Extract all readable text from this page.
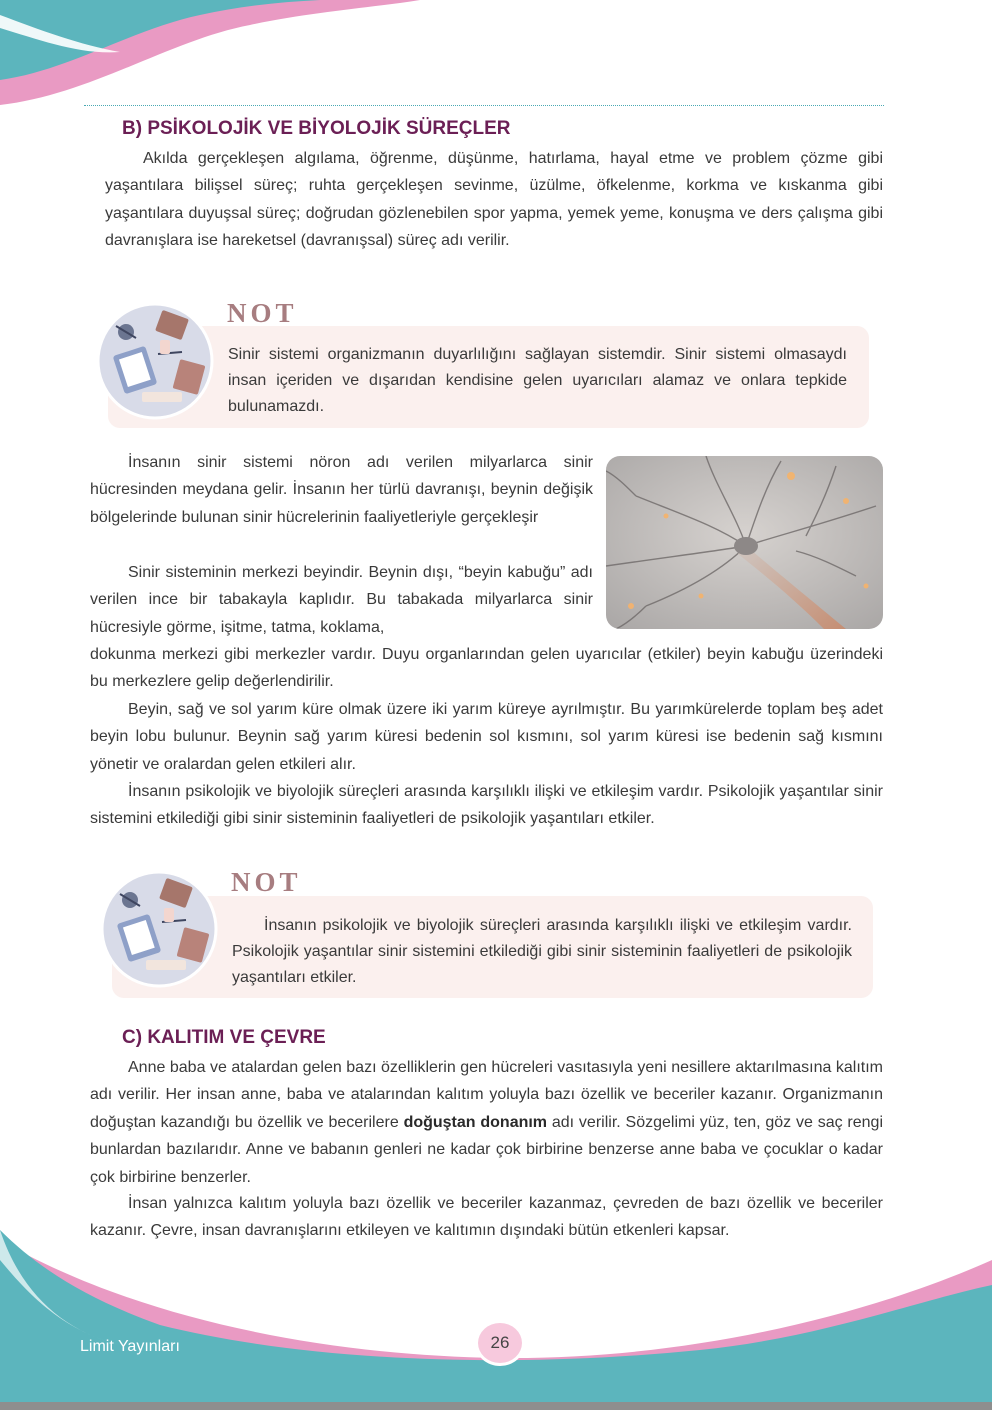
B) PSİKOLOJİK VE BİYOLOJİK SÜREÇLER

Akılda gerçekleşen algılama, öğrenme, düşünme, hatırlama, hayal etme ve problem çözme gibi yaşantılara bilişsel süreç; ruhta gerçekleşen sevinme, üzülme, öfkelenme, korkma ve kıskanma gibi yaşantılara duyuşsal süreç; doğrudan gözlenebilen spor yapma, yemek yeme, konuşma ve ders çalışma gibi davranışlara ise hareketsel (davranışsal) süreç adı verilir.

NOT

Sinir sistemi organizmanın duyarlılığını sağlayan sistemdir. Sinir sistemi olmasaydı insan içeriden ve dışarıdan kendisine gelen uyarıcıları alamaz ve onlara tepkide bulunamazdı.

İnsanın sinir sistemi nöron adı verilen milyarlarca sinir hücresinden meydana gelir. İnsanın her türlü davranışı, beynin değişik bölgelerinde bulunan sinir hücrelerinin faaliyetleriyle gerçekleşir

Sinir sisteminin merkezi beyindir. Beynin dışı, “beyin kabuğu” adı verilen ince bir tabakayla kaplıdır. Bu tabakada milyarlarca sinir hücresiyle görme, işitme, tatma, koklama,

dokunma merkezi gibi merkezler vardır. Duyu organlarından gelen uyarıcılar (etkiler) beyin kabuğu üzerindeki bu merkezlere gelip değerlendirilir.

Beyin, sağ ve sol yarım küre olmak üzere iki yarım küreye ayrılmıştır. Bu yarımkürelerde toplam beş adet beyin lobu bulunur. Beynin sağ yarım küresi bedenin sol kısmını, sol yarım küresi ise bedenin sağ kısmını yönetir ve oralardan gelen etkileri alır.

İnsanın psikolojik ve biyolojik süreçleri arasında karşılıklı ilişki ve etkileşim vardır. Psikolojik yaşantılar sinir sistemini etkilediği gibi sinir sisteminin faaliyetleri de psikolojik yaşantıları etkiler.

NOT

İnsanın psikolojik ve biyolojik süreçleri arasında karşılıklı ilişki ve etkileşim vardır. Psikolojik yaşantılar sinir sistemini etkilediği gibi sinir sisteminin faaliyetleri de psikolojik yaşantıları etkiler.

C) KALITIM VE ÇEVRE

Anne baba ve atalardan gelen bazı özelliklerin gen hücreleri vasıtasıyla yeni nesillere aktarılmasına kalıtım adı verilir. Her insan anne, baba ve atalarından kalıtım yoluyla bazı özellik ve beceriler kazanır. Organizmanın doğuştan kazandığı bu özellik ve becerilere doğuştan donanım adı verilir. Sözgelimi yüz, ten, göz ve saç rengi bunlardan bazılarıdır. Anne ve babanın genleri ne kadar çok birbirine benzerse anne baba ve çocuklar o kadar çok birbirine benzerler.

İnsan yalnızca kalıtım yoluyla bazı özellik ve beceriler kazanmaz, çevreden de bazı özellik ve beceriler kazanır. Çevre, insan davranışlarını etkileyen ve kalıtımın dışındaki bütün etkenleri kapsar.

Limit Yayınları	26
